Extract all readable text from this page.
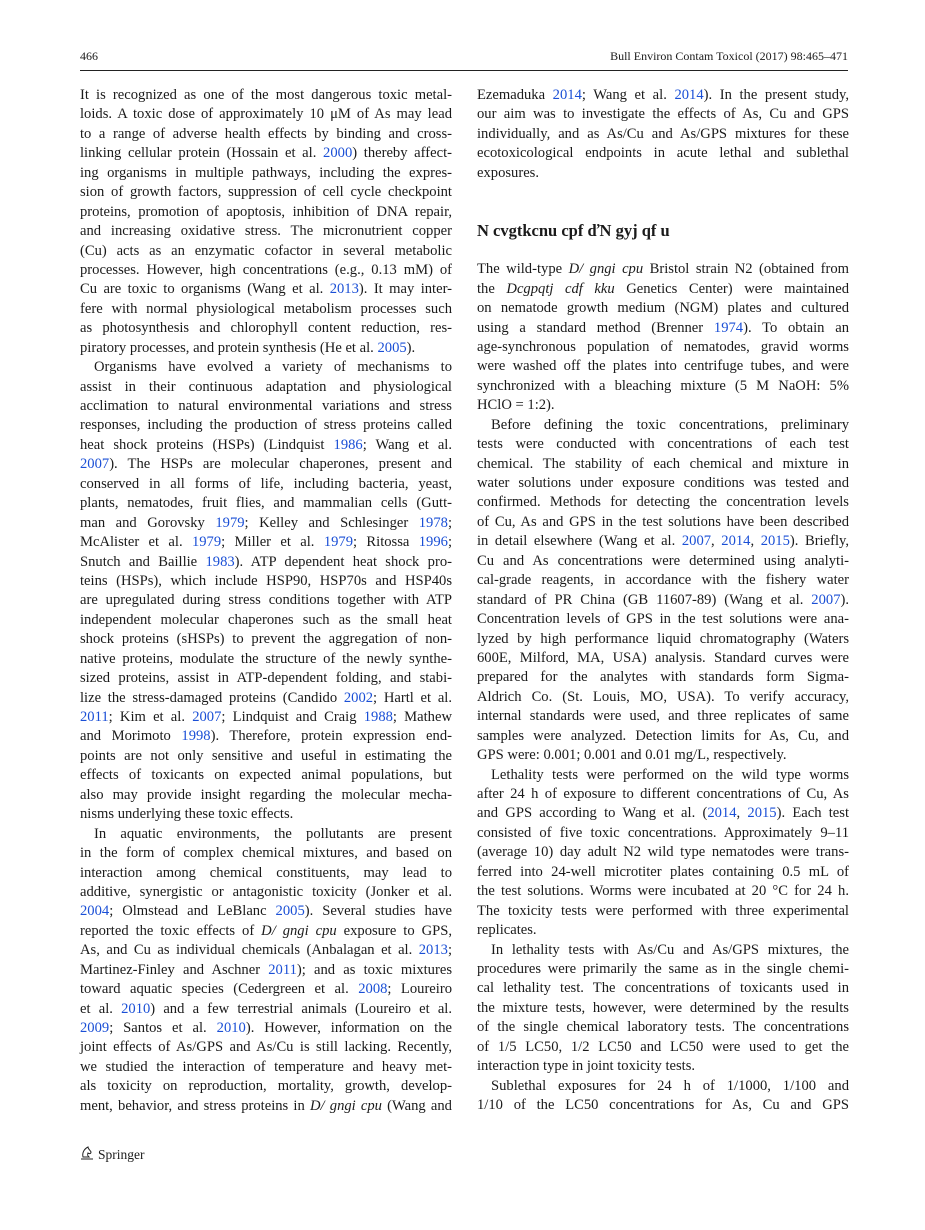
466	Bull Environ Contam Toxicol (2017) 98:465–471
It is recognized as one of the most dangerous toxic metal-
loids. A toxic dose of approximately 10 μM of As may lead
to a range of adverse health effects by binding and cross-
linking cellular protein (Hossain et al. 2000) thereby affect-
ing organisms in multiple pathways, including the expres-
sion of growth factors, suppression of cell cycle checkpoint
proteins, promotion of apoptosis, inhibition of DNA repair,
and increasing oxidative stress. The micronutrient copper
(Cu) acts as an enzymatic cofactor in several metabolic
processes. However, high concentrations (e.g., 0.13 mM) of
Cu are toxic to organisms (Wang et al. 2013). It may inter-
fere with normal physiological metabolism processes such
as photosynthesis and chlorophyll content reduction, res-
piratory processes, and protein synthesis (He et al. 2005).
Organisms have evolved a variety of mechanisms to
assist in their continuous adaptation and physiological
acclimation to natural environmental variations and stress
responses, including the production of stress proteins called
heat shock proteins (HSPs) (Lindquist 1986; Wang et al.
2007). The HSPs are molecular chaperones, present and
conserved in all forms of life, including bacteria, yeast,
plants, nematodes, fruit flies, and mammalian cells (Gutt-
man and Gorovsky 1979; Kelley and Schlesinger 1978;
McAlister et al. 1979; Miller et al. 1979; Ritossa 1996;
Snutch and Baillie 1983). ATP dependent heat shock pro-
teins (HSPs), which include HSP90, HSP70s and HSP40s
are upregulated during stress conditions together with ATP
independent molecular chaperones such as the small heat
shock proteins (sHSPs) to prevent the aggregation of non-
native proteins, modulate the structure of the newly synthe-
sized proteins, assist in ATP-dependent folding, and stabi-
lize the stress-damaged proteins (Candido 2002; Hartl et al.
2011; Kim et al. 2007; Lindquist and Craig 1988; Mathew
and Morimoto 1998). Therefore, protein expression end-
points are not only sensitive and useful in estimating the
effects of toxicants on expected animal populations, but
also may provide insight regarding the molecular mecha-
nisms underlying these toxic effects.
In aquatic environments, the pollutants are present
in the form of complex chemical mixtures, and based on
interaction among chemical constituents, may lead to
additive, synergistic or antagonistic toxicity (Jonker et al.
2004; Olmstead and LeBlanc 2005). Several studies have
reported the toxic effects of D/ gngi cpu exposure to GPS,
As, and Cu as individual chemicals (Anbalagan et al. 2013;
Martinez-Finley and Aschner 2011); and as toxic mixtures
toward aquatic species (Cedergreen et al. 2008; Loureiro
et al. 2010) and a few terrestrial animals (Loureiro et al.
2009; Santos et al. 2010). However, information on the
joint effects of As/GPS and As/Cu is still lacking. Recently,
we studied the interaction of temperature and heavy met-
als toxicity on reproduction, mortality, growth, develop-
ment, behavior, and stress proteins in D/ gngi cpu (Wang and
Ezemaduka 2014; Wang et al. 2014). In the present study,
our aim was to investigate the effects of As, Cu and GPS
individually, and as As/Cu and As/GPS mixtures for these
ecotoxicological endpoints in acute lethal and sublethal
exposures.
N cvgtkcnu cpf ďN gyj qf u
The wild-type D/ gngi cpu Bristol strain N2 (obtained from
the Dcgpqtj cdf kku Genetics Center) were maintained
on nematode growth medium (NGM) plates and cultured
using a standard method (Brenner 1974). To obtain an
age-synchronous population of nematodes, gravid worms
were washed off the plates into centrifuge tubes, and were
synchronized with a bleaching mixture (5 M NaOH: 5%
HClO = 1:2).
Before defining the toxic concentrations, preliminary
tests were conducted with concentrations of each test
chemical. The stability of each chemical and mixture in
water solutions under exposure conditions was tested and
confirmed. Methods for detecting the concentration levels
of Cu, As and GPS in the test solutions have been described
in detail elsewhere (Wang et al. 2007, 2014, 2015). Briefly,
Cu and As concentrations were determined using analyti-
cal-grade reagents, in accordance with the fishery water
standard of PR China (GB 11607-89) (Wang et al. 2007).
Concentration levels of GPS in the test solutions were ana-
lyzed by high performance liquid chromatography (Waters
600E, Milford, MA, USA) analysis. Standard curves were
prepared for the analytes with standards form Sigma-
Aldrich Co. (St. Louis, MO, USA). To verify accuracy,
internal standards were used, and three replicates of same
samples were analyzed. Detection limits for As, Cu, and
GPS were: 0.001; 0.001 and 0.01 mg/L, respectively.
Lethality tests were performed on the wild type worms
after 24 h of exposure to different concentrations of Cu, As
and GPS according to Wang et al. (2014, 2015). Each test
consisted of five toxic concentrations. Approximately 9–11
(average 10) day adult N2 wild type nematodes were trans-
ferred into 24-well microtiter plates containing 0.5 mL of
the test solutions. Worms were incubated at 20 °C for 24 h.
The toxicity tests were performed with three experimental
replicates.
In lethality tests with As/Cu and As/GPS mixtures, the
procedures were primarily the same as in the single chemi-
cal lethality test. The concentrations of toxicants used in
the mixture tests, however, were determined by the results
of the single chemical laboratory tests. The concentrations
of 1/5 LC50, 1/2 LC50 and LC50 were used to get the
interaction type in joint toxicity tests.
Sublethal exposures for 24 h of 1/1000, 1/100 and
1/10 of the LC50 concentrations for As, Cu and GPS
Springer
